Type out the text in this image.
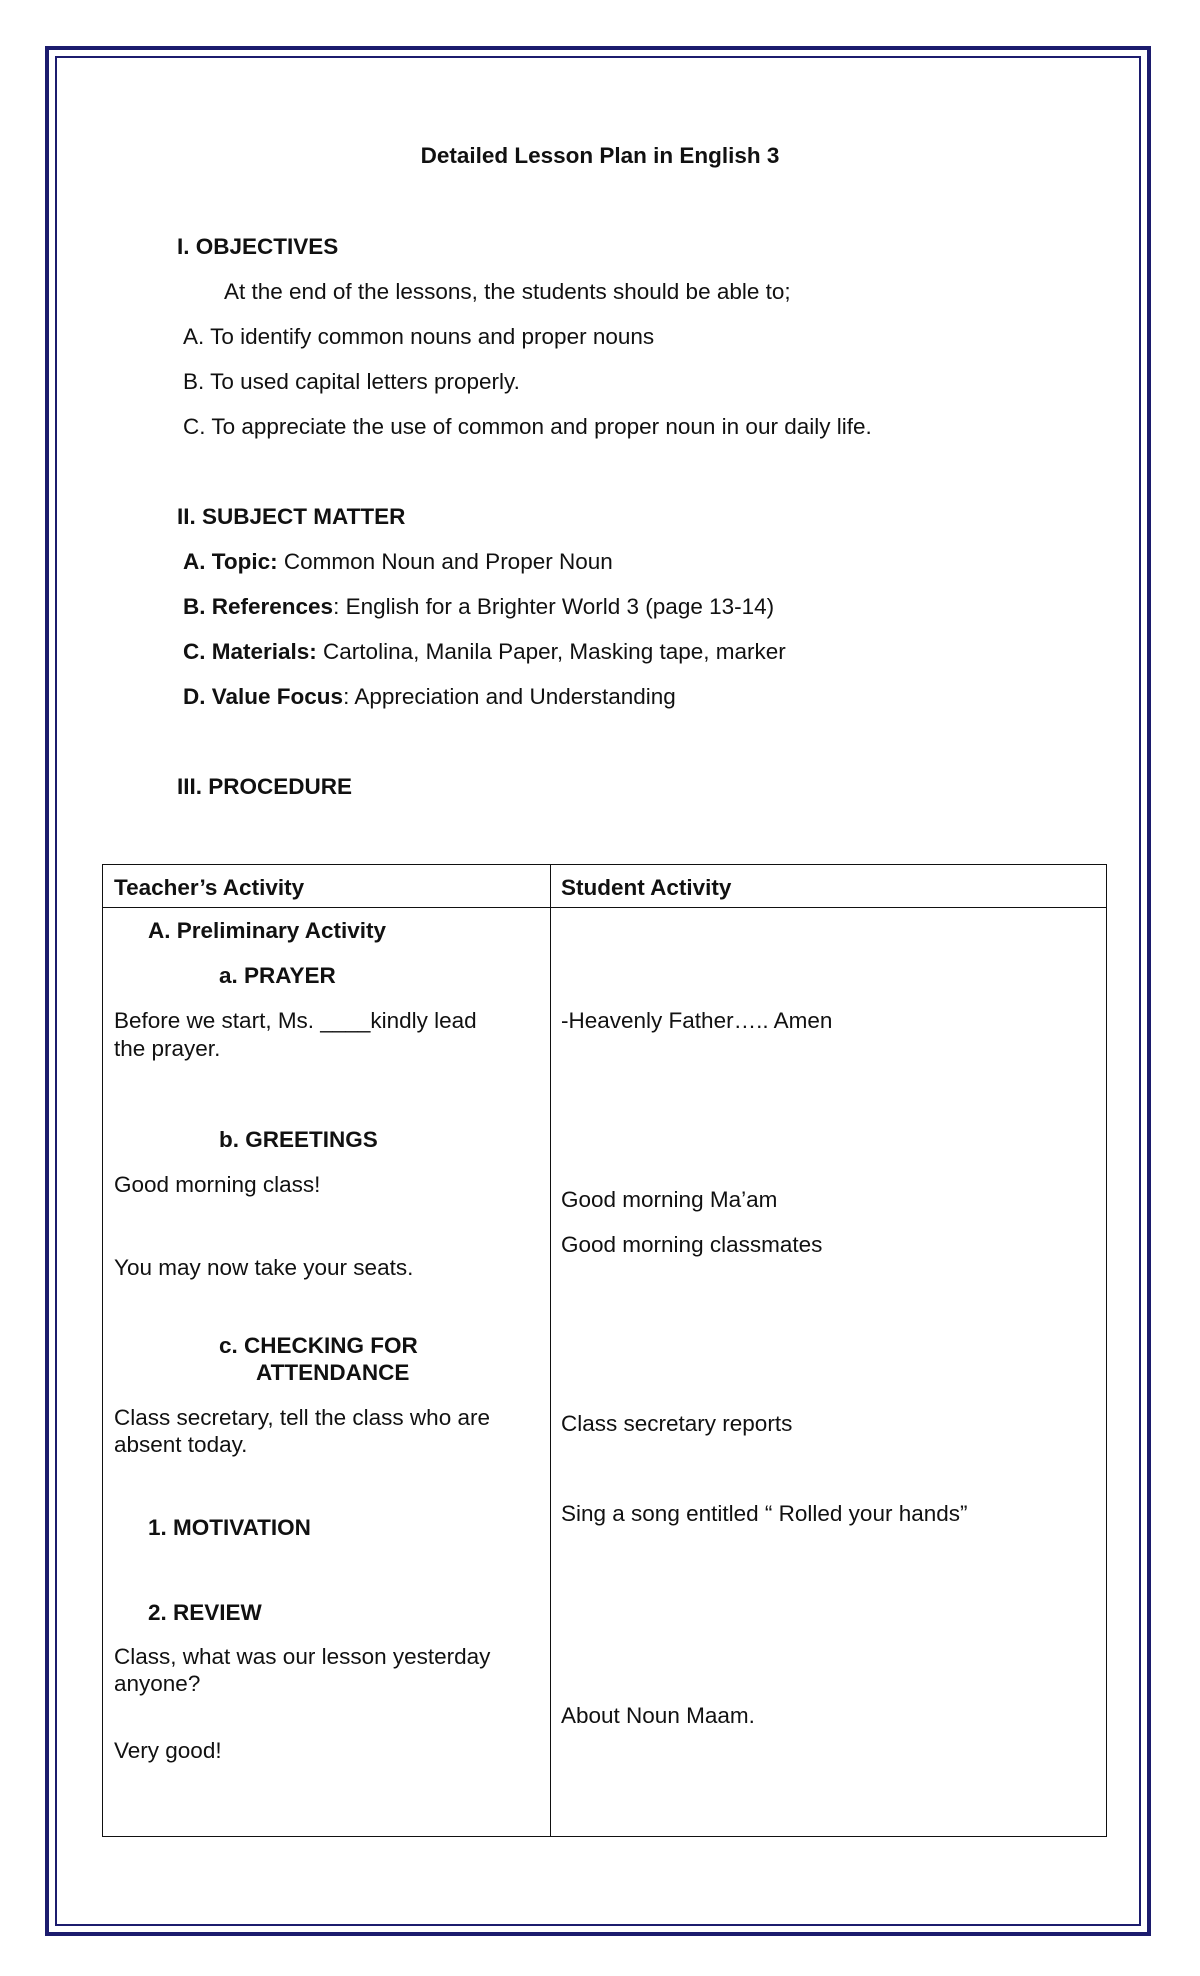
Detailed Lesson Plan in English 3
I. OBJECTIVES
At the end of the lessons, the students should be able to;
A. To identify common nouns and proper nouns
B. To used capital letters properly.
C. To appreciate the use of common and proper noun in our daily life.
II. SUBJECT MATTER
A. Topic: Common Noun and Proper Noun
B. References: English for a Brighter World 3 (page 13-14)
C. Materials: Cartolina, Manila Paper, Masking tape, marker
D. Value Focus: Appreciation and Understanding
III. PROCEDURE
Teacher’s Activity	Student Activity
A. Preliminary Activity
a. PRAYER
Before we start, Ms. ____kindly lead
the prayer.
b. GREETINGS
Good morning class!
You may now take your seats.
c. CHECKING FOR
ATTENDANCE
Class secretary, tell the class who are
absent today.
1. MOTIVATION
2. REVIEW
Class, what was our lesson yesterday
anyone?
Very good!
-Heavenly Father….. Amen
Good morning Ma’am
Good morning classmates
Class secretary reports
Sing a song entitled “ Rolled your hands”
About Noun Maam.
